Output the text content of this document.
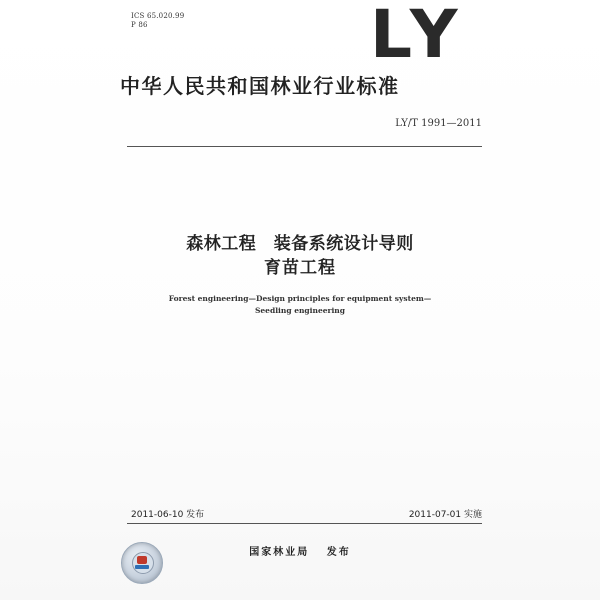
ICS 65.020.99
P 86	LY
中华人民共和国林业行业标准
LY/T 1991—2011
森林工程　装备系统设计导则
育苗工程
Forest engineering—Design principles for equipment system—
Seedling engineering
2011-06-10 发布	2011-07-01 实施
国家林业局 发布
